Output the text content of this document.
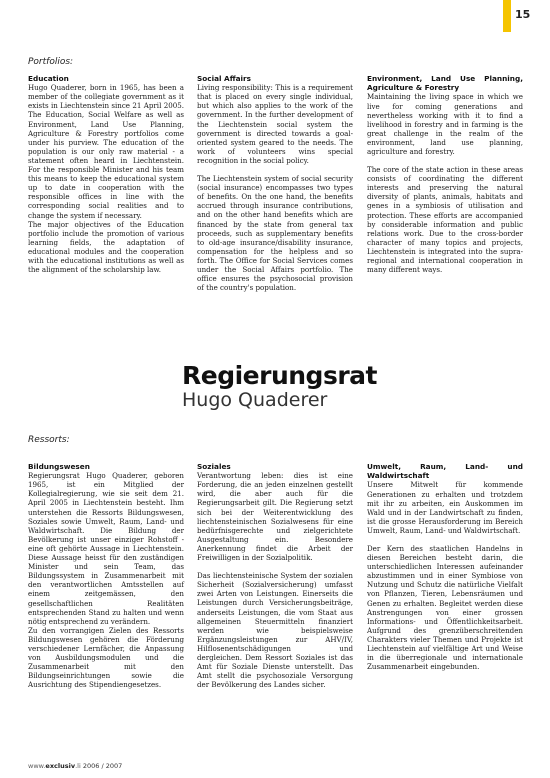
15
Portfolios:
Education

Hugo Quaderer, born in 1965, has been a member of the collegiate government as it exists in Liechtenstein since 21 April 2005. The Education, Social Welfare as well as Environment, Land Use Planning, Agriculture & Forestry portfolios come under his purview. The education of the population is our only raw material - a statement often heard in Liechtenstein. For the responsible Minister and his team this means to keep the educational system up to date in cooperation with the responsible offices in line with the corresponding social realities and to change the system if necessary.

The major objectives of the Education portfolio include the promotion of various learning fields, the adaptation of educational modules and the cooperation with the educational institutions as well as the alignment of the scholarship law.

Social Affairs

Living responsibility: This is a requirement that is placed on every single individual, but which also applies to the work of the government. In the further development of the Liechtenstein social system the government is directed towards a goal-oriented system geared to the needs. The work of volunteers wins special recognition in the social policy.

The Liechtenstein system of social security (social insurance) encompasses two types of benefits. On the one hand, the benefits accrued through insurance contributions, and on the other hand benefits which are financed by the state from general tax proceeds, such as supplementary benefits to old-age insurance/disability insurance, compensation for the helpless and so forth. The Office for Social Services comes under the Social Affairs portfolio. The office ensures the psychosocial provision of the country's population.

Environment, Land Use Planning, Agriculture & Forestry

Maintaining the living space in which we live for coming generations and nevertheless working with it to find a livelihood in forestry and in farming is the great challenge in the realm of the environment, land use planning, agriculture and forestry.

The core of the state action in these areas consists of coordinating the different interests and preserving the natural diversity of plants, animals, habitats and genes in a symbiosis of utilisation and protection. These efforts are accompanied by considerable information and public relations work. Due to the cross-border character of many topics and projects, Liechtenstein is integrated into the supra-regional and international cooperation in many different ways.

Regierungsrat
Hugo Quaderer
Ressorts:
Bildungswesen

Regierungsrat Hugo Quaderer, geboren 1965, ist ein Mitglied der Kollegialregierung, wie sie seit dem 21. April 2005 in Liechtenstein besteht. Ihm unterstehen die Ressorts Bildungswesen, Soziales sowie Umwelt, Raum, Land- und Waldwirtschaft. Die Bildung der Bevölkerung ist unser einziger Rohstoff - eine oft gehörte Aussage in Liechtenstein. Diese Aussage heisst für den zuständigen Minister und sein Team, das Bildungssystem in Zusammenarbeit mit den verantwortlichen Amtsstellen auf einem zeitgemässen, den gesellschaftlichen Realitäten entsprechenden Stand zu halten und wenn nötig entsprechend zu verändern.

Zu den vorrangigen Zielen des Ressorts Bildungswesen gehören die Förderung verschiedener Lernfächer, die Anpassung von Ausbildungsmodulen und die Zusammenarbeit mit den Bildungseinrichtungen sowie die Ausrichtung des Stipendiengesetzes.

Soziales

Verantwortung leben: dies ist eine Forderung, die an jeden einzelnen gestellt wird, die aber auch für die Regierungsarbeit gilt. Die Regierung setzt sich bei der Weiterentwicklung des liechtensteinischen Sozialwesens für eine bedürfnisgerechte und zielgerichtete Ausgestaltung ein. Besondere Anerkennung findet die Arbeit der Freiwilligen in der Sozialpolitik.

Das liechtensteinische System der sozialen Sicherheit (Sozialversicherung) umfasst zwei Arten von Leistungen. Einerseits die Leistungen durch Versicherungsbeiträge, anderseits Leistungen, die vom Staat aus allgemeinen Steuermitteln finanziert werden wie beispielsweise Ergänzungsleistungen zur AHV/IV, Hilflosenentschädigungen und dergleichen. Dem Ressort Soziales ist das Amt für Soziale Dienste unterstellt. Das Amt stellt die psychosoziale Versorgung der Bevölkerung des Landes sicher.

Umwelt, Raum, Land- und Waldwirtschaft

Unsere Mitwelt für kommende Generationen zu erhalten und trotzdem mit ihr zu arbeiten, ein Auskommen im Wald und in der Landwirtschaft zu finden, ist die grosse Herausforderung im Bereich Umwelt, Raum, Land- und Waldwirtschaft.

Der Kern des staatlichen Handelns in diesen Bereichen besteht darin, die unterschiedlichen Interessen aufeinander abzustimmen und in einer Symbiose von Nutzung und Schutz die natürliche Vielfalt von Pflanzen, Tieren, Lebensräumen und Genen zu erhalten. Begleitet werden diese Anstrengungen von einer grossen Informations- und Öffentlichkeitsarbeit. Aufgrund des grenzüberschreitenden Charakters vieler Themen und Projekte ist Liechtenstein auf vielfältige Art und Weise in die überregionale und internationale Zusammenarbeit eingebunden.

www.exclusiv.li 2006 / 2007
